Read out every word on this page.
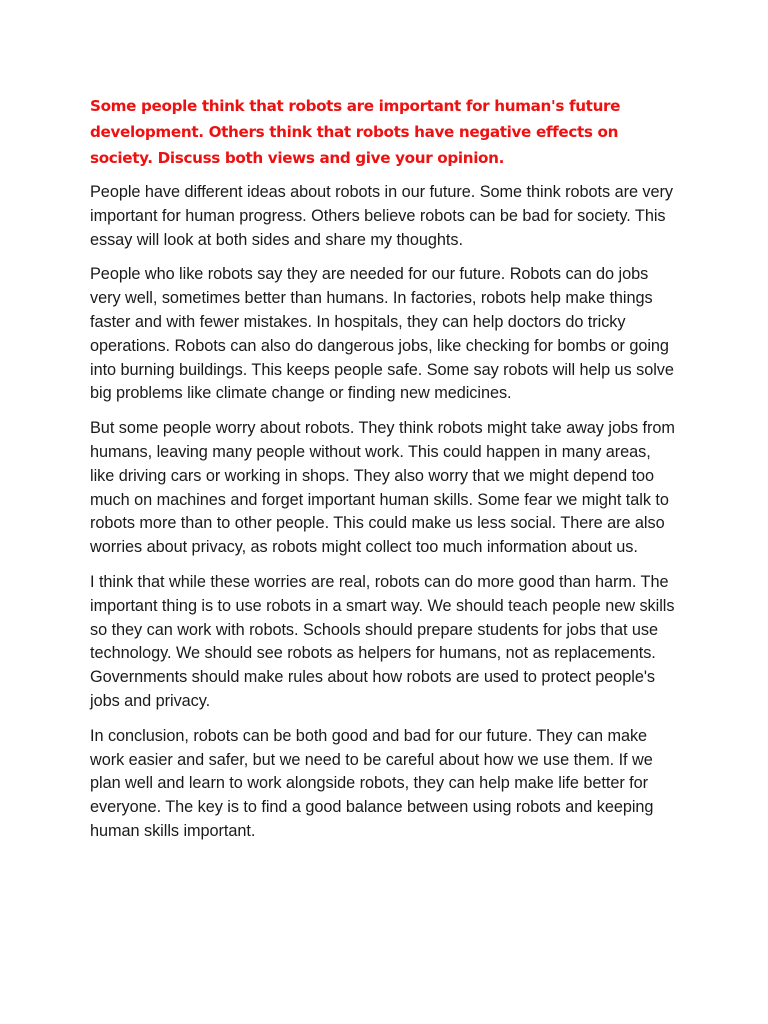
Some people think that robots are important for human's future development. Others think that robots have negative effects on society. Discuss both views and give your opinion.

People have different ideas about robots in our future. Some think robots are very important for human progress. Others believe robots can be bad for society. This essay will look at both sides and share my thoughts.

People who like robots say they are needed for our future. Robots can do jobs very well, sometimes better than humans. In factories, robots help make things faster and with fewer mistakes. In hospitals, they can help doctors do tricky operations. Robots can also do dangerous jobs, like checking for bombs or going into burning buildings. This keeps people safe. Some say robots will help us solve big problems like climate change or finding new medicines.

But some people worry about robots. They think robots might take away jobs from humans, leaving many people without work. This could happen in many areas, like driving cars or working in shops. They also worry that we might depend too much on machines and forget important human skills. Some fear we might talk to robots more than to other people. This could make us less social. There are also worries about privacy, as robots might collect too much information about us.

I think that while these worries are real, robots can do more good than harm. The important thing is to use robots in a smart way. We should teach people new skills so they can work with robots. Schools should prepare students for jobs that use technology. We should see robots as helpers for humans, not as replacements. Governments should make rules about how robots are used to protect people's jobs and privacy.

In conclusion, robots can be both good and bad for our future. They can make work easier and safer, but we need to be careful about how we use them. If we plan well and learn to work alongside robots, they can help make life better for everyone. The key is to find a good balance between using robots and keeping human skills important.
